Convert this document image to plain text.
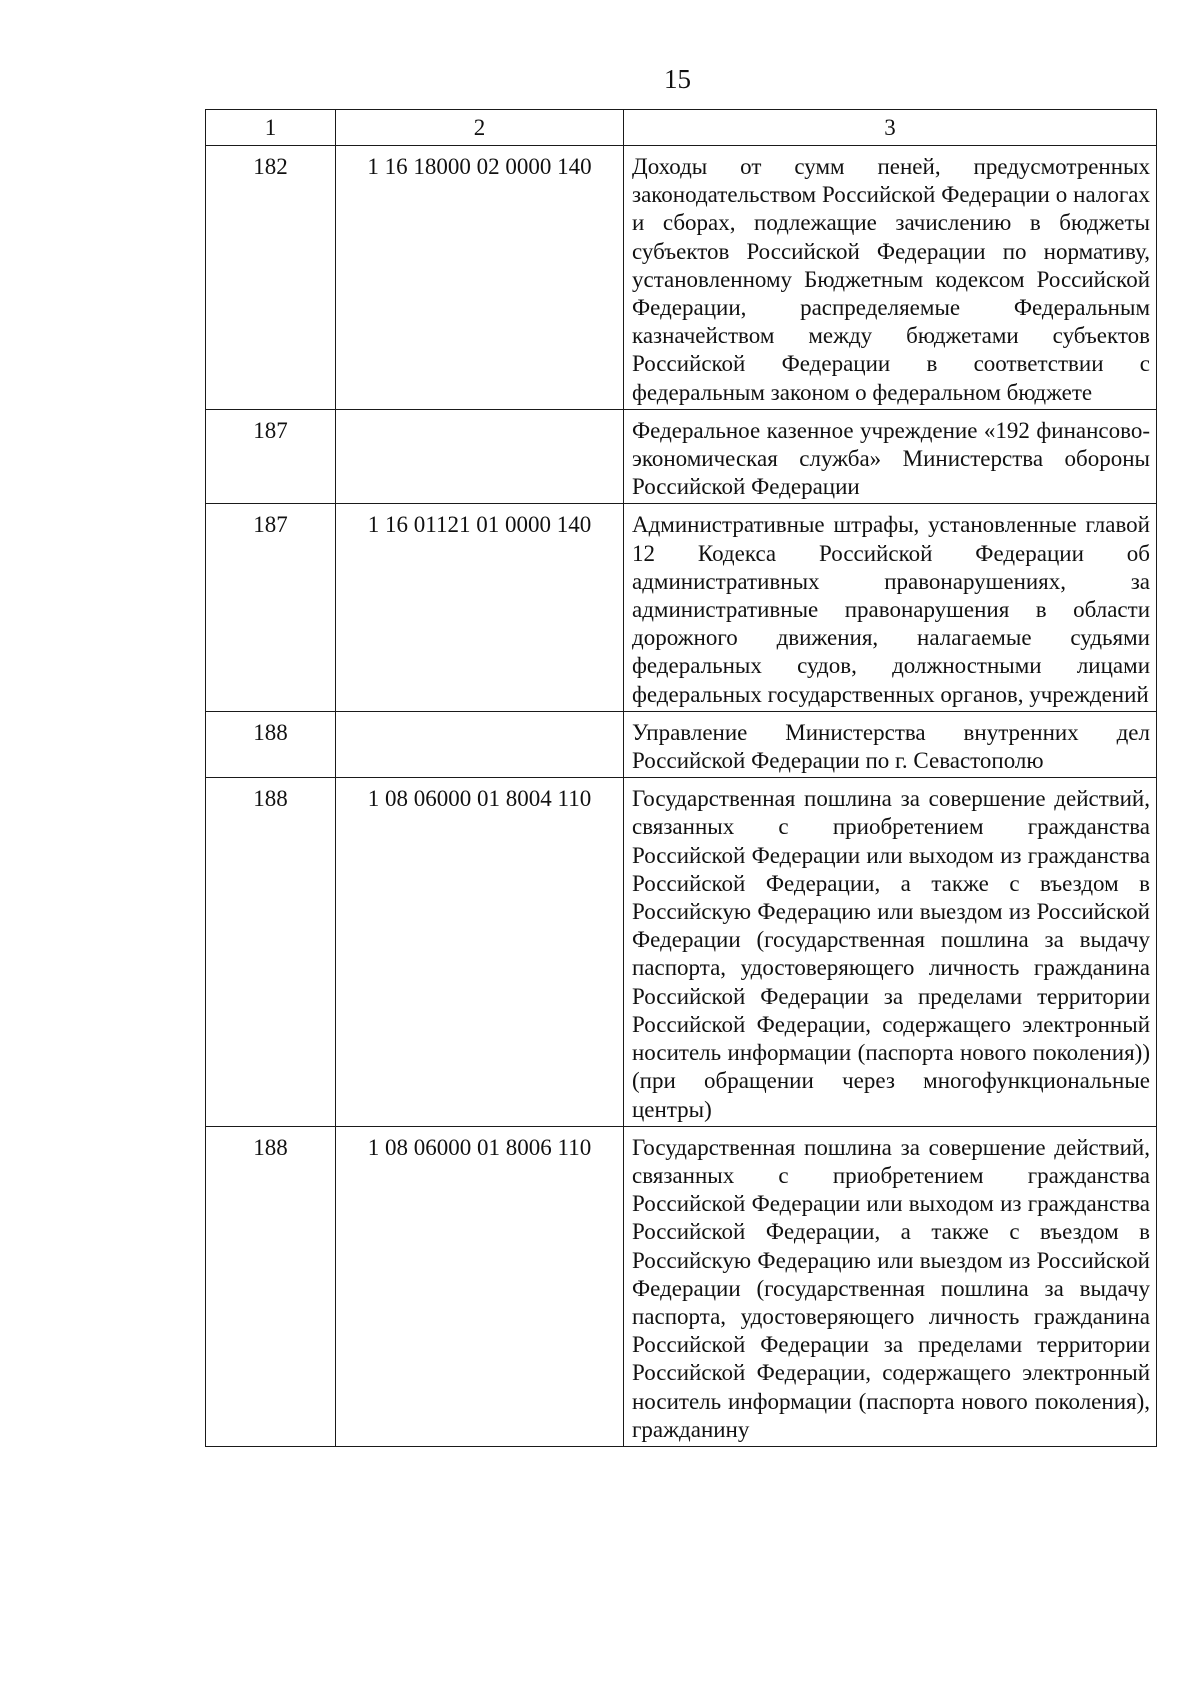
15
1	2	3
182	1 16 18000 02 0000 140	Доходы от сумм пеней, предусмотренных законодательством Российской Федерации о налогах и сборах, подлежащие зачислению в бюджеты субъектов Российской Федерации по нормативу, установленному Бюджетным кодексом Российской Федерации, распределяемые Федеральным казначейством между бюджетами субъектов Российской Федерации в соответствии с федеральным законом о федеральном бюджете
187		Федеральное казенное учреждение «192 финансово-экономическая служба» Министерства обороны Российской Федерации
187	1 16 01121 01 0000 140	Административные штрафы, установленные главой 12 Кодекса Российской Федерации об административных правонарушениях, за административные правонарушения в области дорожного движения, налагаемые судьями федеральных судов, должностными лицами федеральных государственных органов, учреждений
188		Управление Министерства внутренних дел Российской Федерации по г. Севастополю
188	1 08 06000 01 8004 110	Государственная пошлина за совершение действий, связанных с приобретением гражданства Российской Федерации или выходом из гражданства Российской Федерации, а также с въездом в Российскую Федерацию или выездом из Российской Федерации (государственная пошлина за выдачу паспорта, удостоверяющего личность гражданина Российской Федерации за пределами территории Российской Федерации, содержащего электронный носитель информации (паспорта нового поколения)) (при обращении через многофункциональные центры)
188	1 08 06000 01 8006 110	Государственная пошлина за совершение действий, связанных с приобретением гражданства Российской Федерации или выходом из гражданства Российской Федерации, а также с въездом в Российскую Федерацию или выездом из Российской Федерации (государственная пошлина за выдачу паспорта, удостоверяющего личность гражданина Российской Федерации за пределами территории Российской Федерации, содержащего электронный носитель информации (паспорта нового поколения), гражданину
